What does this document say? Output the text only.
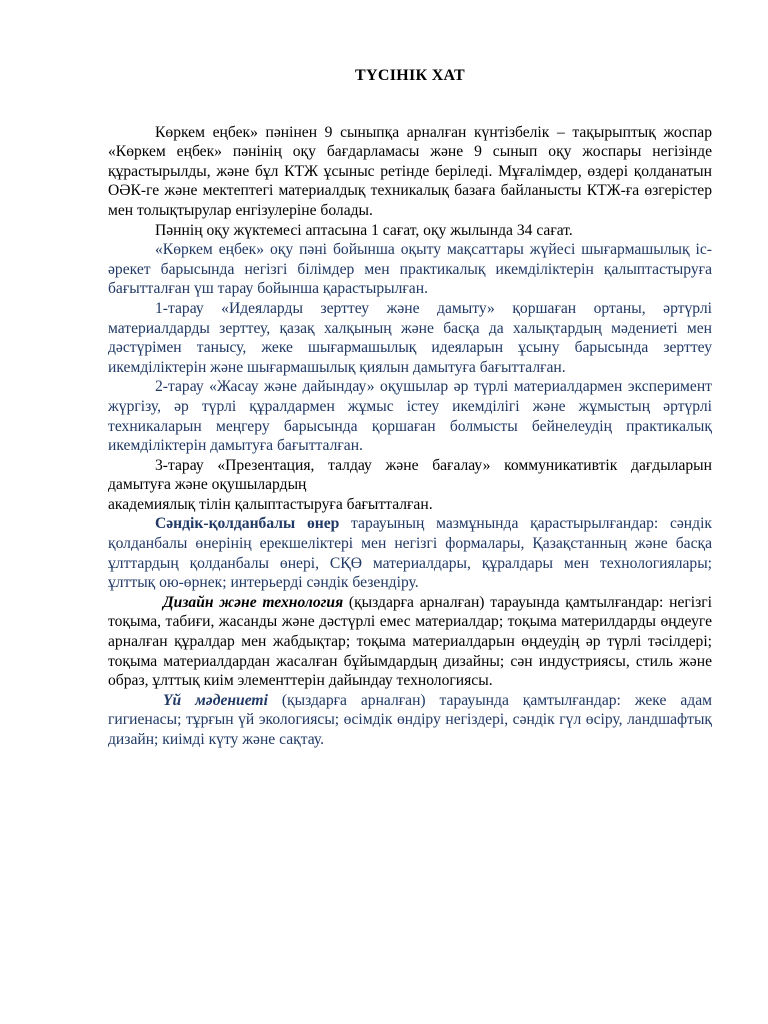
ТҮСІНІК ХАТ

Көркем еңбек» пәнінен 9 сыныпқа арналған күнтізбелік – тақырыптық жоспар «Көркем еңбек» пәнінің оқу бағдарламасы және 9 сынып оқу жоспары негізінде құрастырылды, және бұл КТЖ ұсыныс ретінде беріледі. Мұғалімдер, өздері қолданатын ОӘК-ге және мектептегі материалдық техникалық базаға байланысты КТЖ-ға өзгерістер мен толықтырулар енгізулеріне болады.

Пәннің оқу жүктемесі аптасына 1 сағат, оқу жылында 34 сағат.

«Көркем еңбек» оқу пәні бойынша оқыту мақсаттары жүйесі шығармашылық іс-әрекет барысында негізгі білімдер мен практикалық икемділіктерін қалыптастыруға бағытталған үш тарау бойынша қарастырылған.

1-тарау «Идеяларды зерттеу және дамыту» қоршаған ортаны, әртүрлі материалдарды зерттеу, қазақ халқының және басқа да халықтардың мәдениеті мен дәстүрімен танысу, жеке шығармашылық идеяларын ұсыну барысында зерттеу икемділіктерін және шығармашылық қиялын дамытуға бағытталған.

2-тарау «Жасау және дайындау» оқушылар әр түрлі материалдармен эксперимент жүргізу, әр түрлі құралдармен жұмыс істеу икемділігі және жұмыстың әртүрлі техникаларын меңгеру барысында қоршаған болмысты бейнелеудің практикалық икемділіктерін дамытуға бағытталған.

3-тарау «Презентация, талдау және бағалау» коммуникативтік дағдыларын дамытуға және оқушылардың

академиялық тілін қалыптастыруға бағытталған.

Сәндік-қолданбалы өнер тарауының мазмұнында қарастырылғандар: сәндік қолданбалы өнерінің ерекшеліктері мен негізгі формалары, Қазақстанның және басқа ұлттардың қолданбалы өнері, СҚӨ материалдары, құралдары мен технологиялары; ұлттық ою-өрнек; интерьерді сәндік безендіру.

Дизайн және технология (қыздарға арналған) тарауында қамтылғандар: негізгі тоқыма, табиғи, жасанды және дәстүрлі емес материалдар; тоқыма материлдарды өңдеуге арналған құралдар мен жабдықтар; тоқыма материалдарын өңдеудің әр түрлі тәсілдері; тоқыма материалдардан жасалған бұйымдардың дизайны; сән индустриясы, стиль және образ, ұлттық киім элементтерін дайындау технологиясы.

Үй мәдениеті (қыздарға арналған) тарауында қамтылғандар: жеке адам гигиенасы; тұрғын үй экологиясы; өсімдік өндіру негіздері, сәндік гүл өсіру, ландшафтық дизайн; киімді күту және сақтау.
